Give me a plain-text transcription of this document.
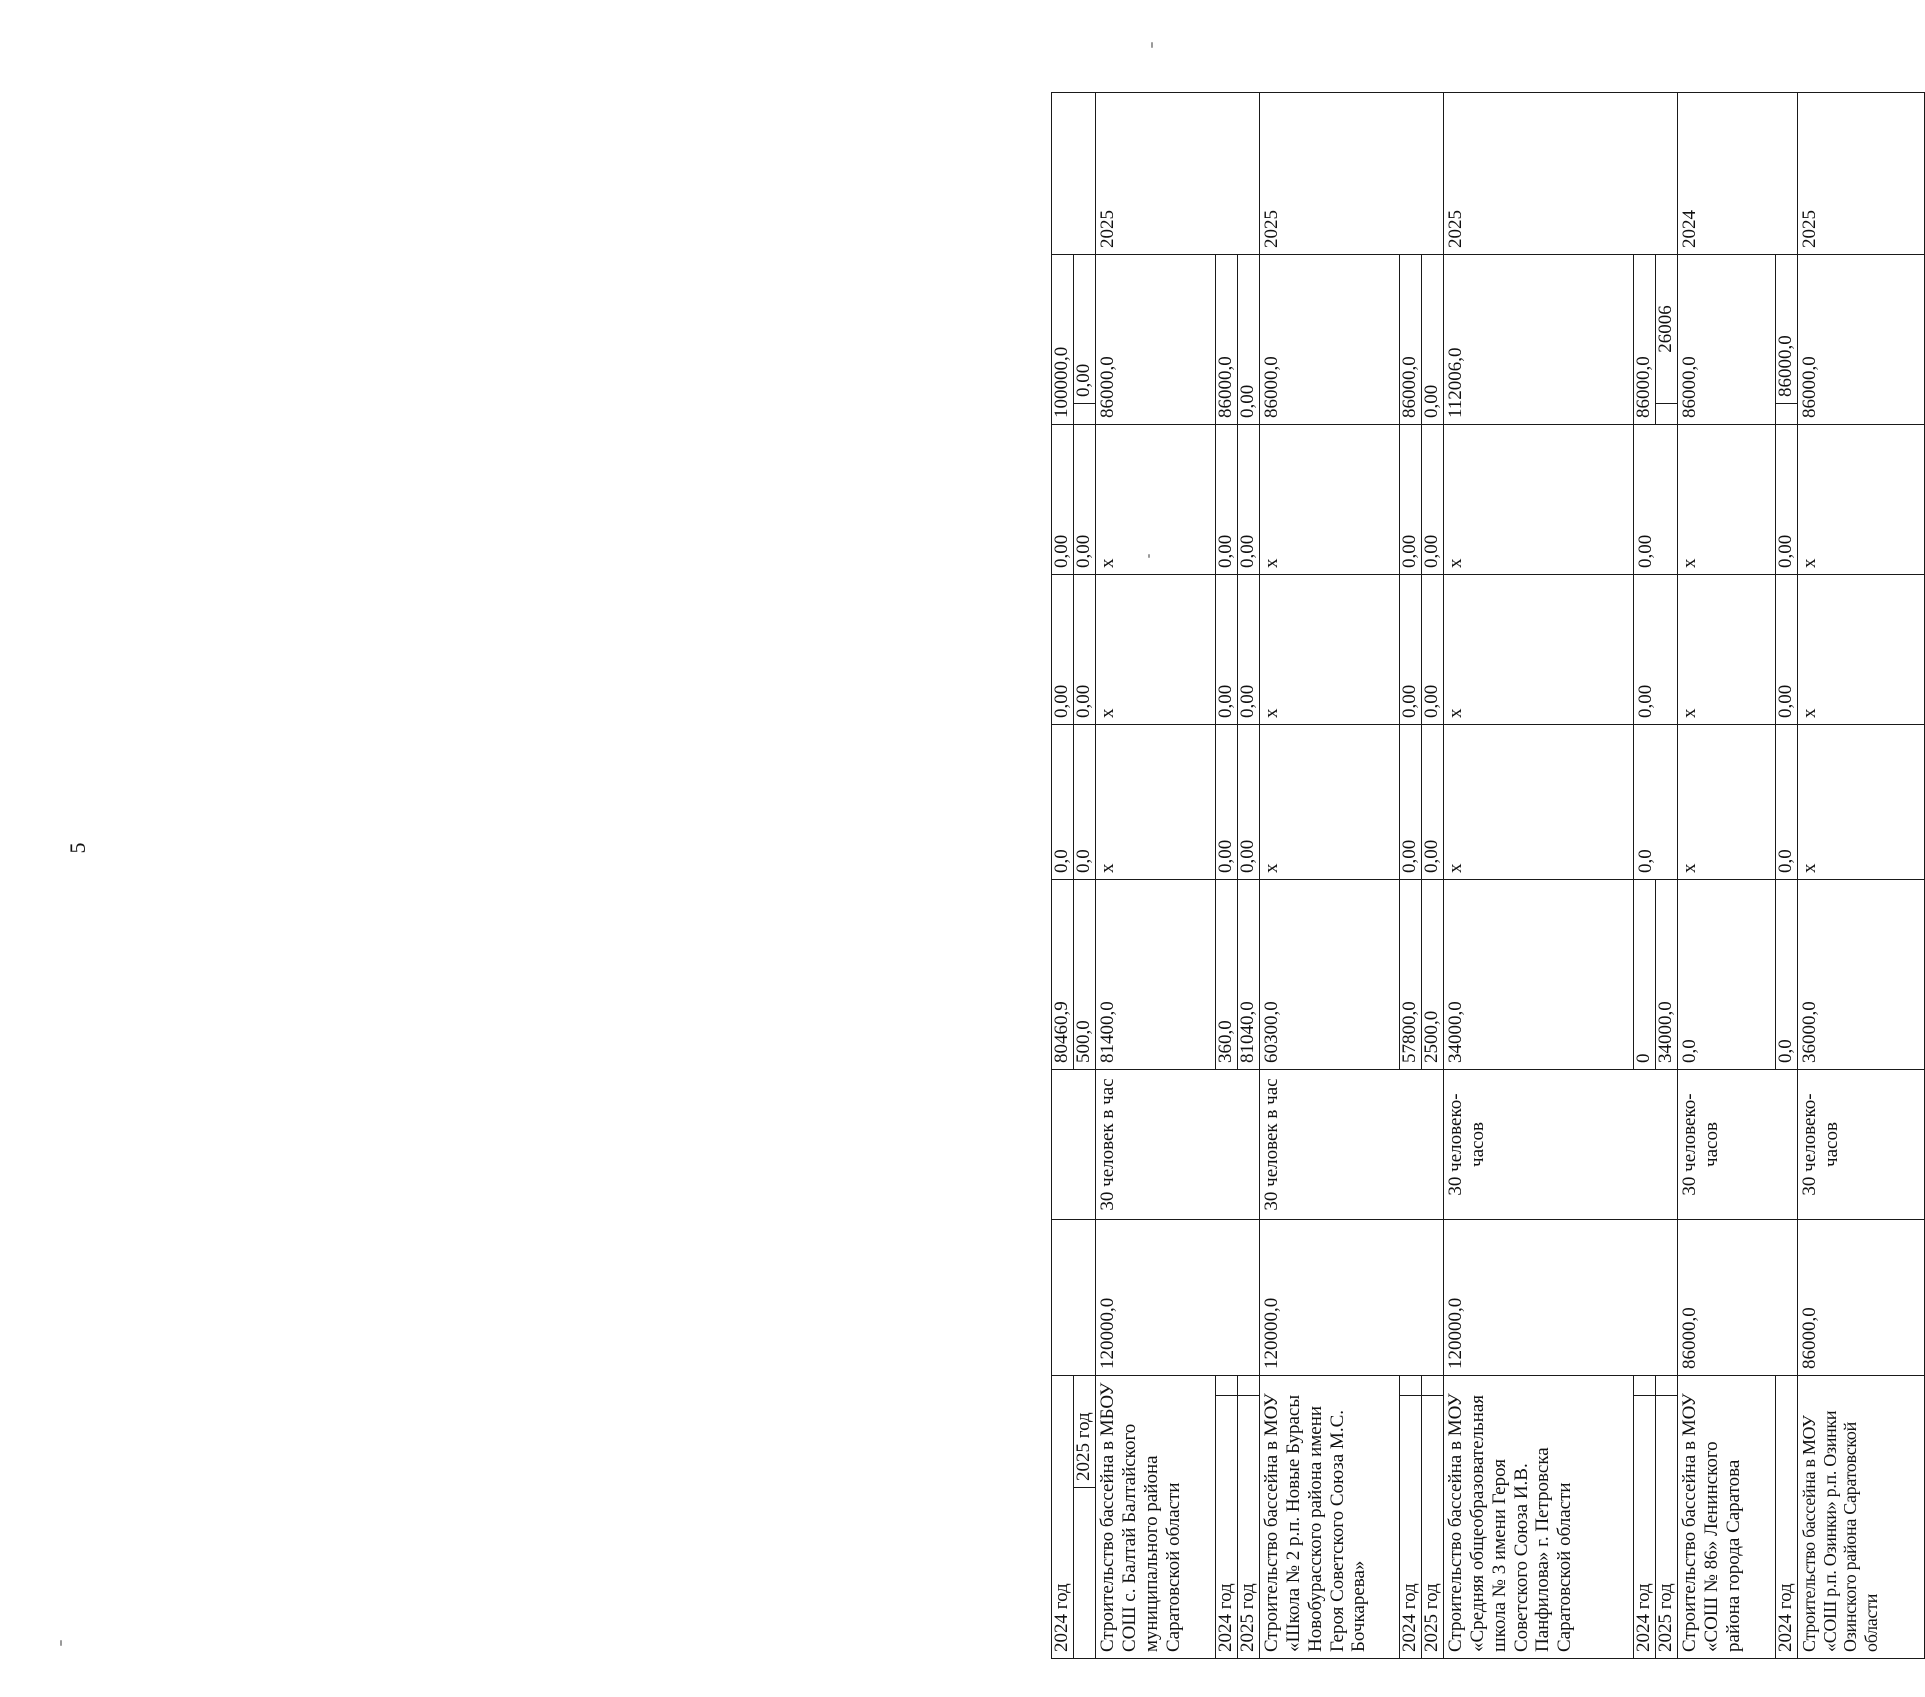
5
2024 год					80460,9	0,0	0,00	0,00	100000,0		
	2025 год				500,0	0,0	0,00	0,00		0,00	
Строительство бассейна в МБОУ СОШ с. Балтай Балтайского муниципального района Саратовской области			120000,0	30 человек в час	81400,0	х	х	х	86000,0		2025
2024 год					360,0	0,00	0,00	0,00	86000,0		
2025 год					81040,0	0,00	0,00	0,00	0,00		
Строительство бассейна в МОУ «Школа № 2 р.п. Новые Бурасы Новобурасского района имени Героя Советского Союза М.С. Бочкарева»			120000,0	30 человек в час	60300,0	х	х	х	86000,0		2025
2024 год					57800,0	0,00	0,00	0,00	86000,0		
2025 год					2500,0	0,00	0,00	0,00	0,00		
Строительство бассейна в МОУ «Средняя общеобразовательная школа № 3 имени Героя Советского Союза И.В. Панфилова» г. Петровска Саратовской области			120000,0	30 человеко-часов	34000,0	х	х	х	112006,0		2025
2024 год					0	0,0	0,00	0,00	86000,0		
2025 год					34000,0					26006	
Строительство бассейна в МОУ «СОШ № 86» Ленинского района города Саратова			86000,0	30 человеко-часов	0,0	х	х	х	86000,0		2024
2024 год					0,0	0,0	0,00	0,00		86000,0	
Строительство бассейна в МОУ «СОШ р.п. Озинки» р.п. Озинки Озинского района Саратовской области			86000,0	30 человеко-часов	36000,0	х	х	х	86000,0		2025
